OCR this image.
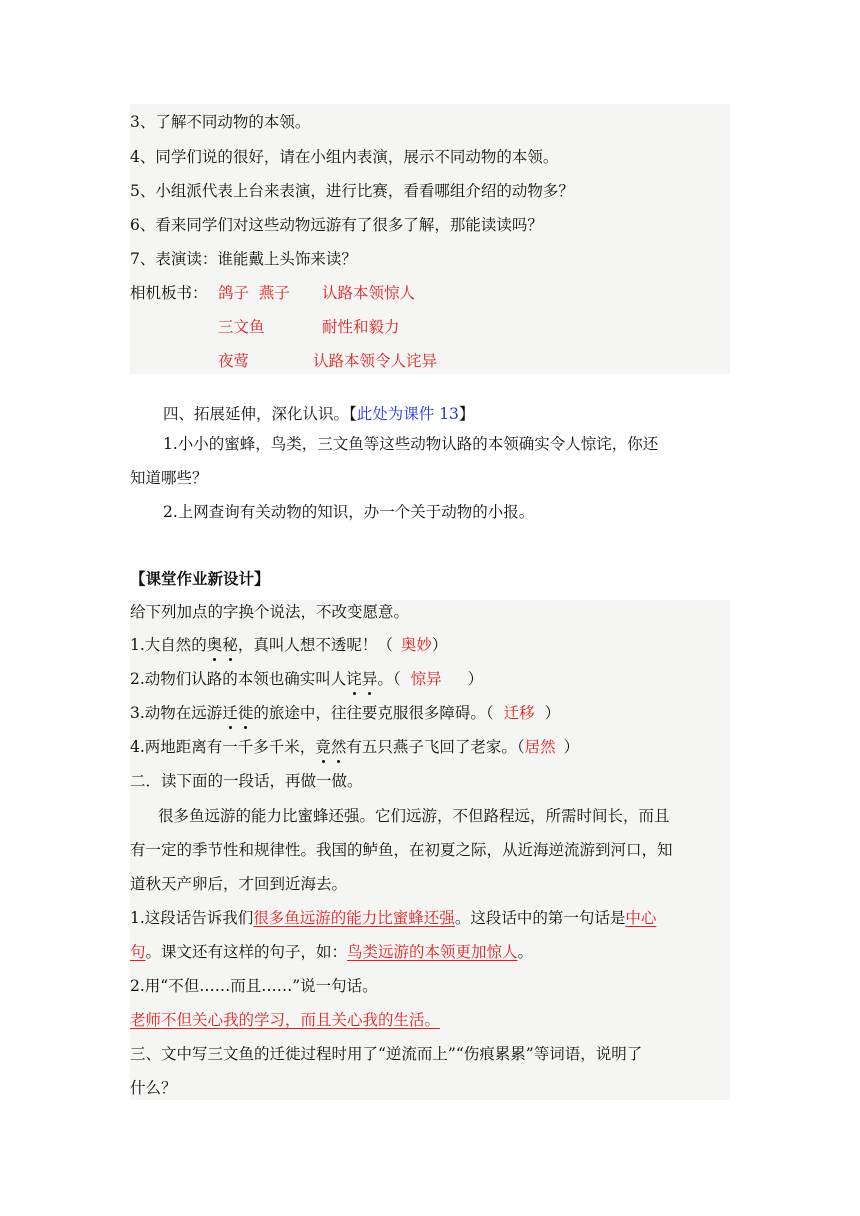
3、了解不同动物的本领。
4、同学们说的很好，请在小组内表演，展示不同动物的本领。
5、小组派代表上台来表演，进行比赛，看看哪组介绍的动物多？
6、看来同学们对这些动物远游有了很多了解，那能读读吗？
7、表演读：谁能戴上头饰来读？
相机板书： 鸽子  燕子 认路本领惊人
三文鱼	耐性和毅力
夜莺	认路本领令人诧异
四、拓展延伸，深化认识。【此处为课件 13】
1.小小的蜜蜂，鸟类，三文鱼等这些动物认路的本领确实令人惊诧，你还
知道哪些？
2.上网查询有关动物的知识，办一个关于动物的小报。
【课堂作业新设计】
给下列加点的字换个说法，不改变愿意。
1.大自然的奥秘，真叫人想不透呢！（ 奥妙）
2.动物们认路的本领也确实叫人诧异。（ 惊异 ）
3.动物在远游迁徙的旅途中，往往要克服很多障碍。（ 迁移 ）
4.两地距离有一千多千米，竟然有五只燕子飞回了老家。（居然 ）
二．读下面的一段话，再做一做。
很多鱼远游的能力比蜜蜂还强。它们远游，不但路程远，所需时间长，而且
有一定的季节性和规律性。我国的鲈鱼，在初夏之际，从近海逆流游到河口，知
道秋天产卵后，才回到近海去。
1.这段话告诉我们很多鱼远游的能力比蜜蜂还强。这段话中的第一句话是中心
句。课文还有这样的句子，如：鸟类远游的本领更加惊人。
2.用“不但……而且……”说一句话。
老师不但关心我的学习，而且关心我的生活。
三、文中写三文鱼的迁徙过程时用了“逆流而上”“伤痕累累”等词语，说明了
什么？
